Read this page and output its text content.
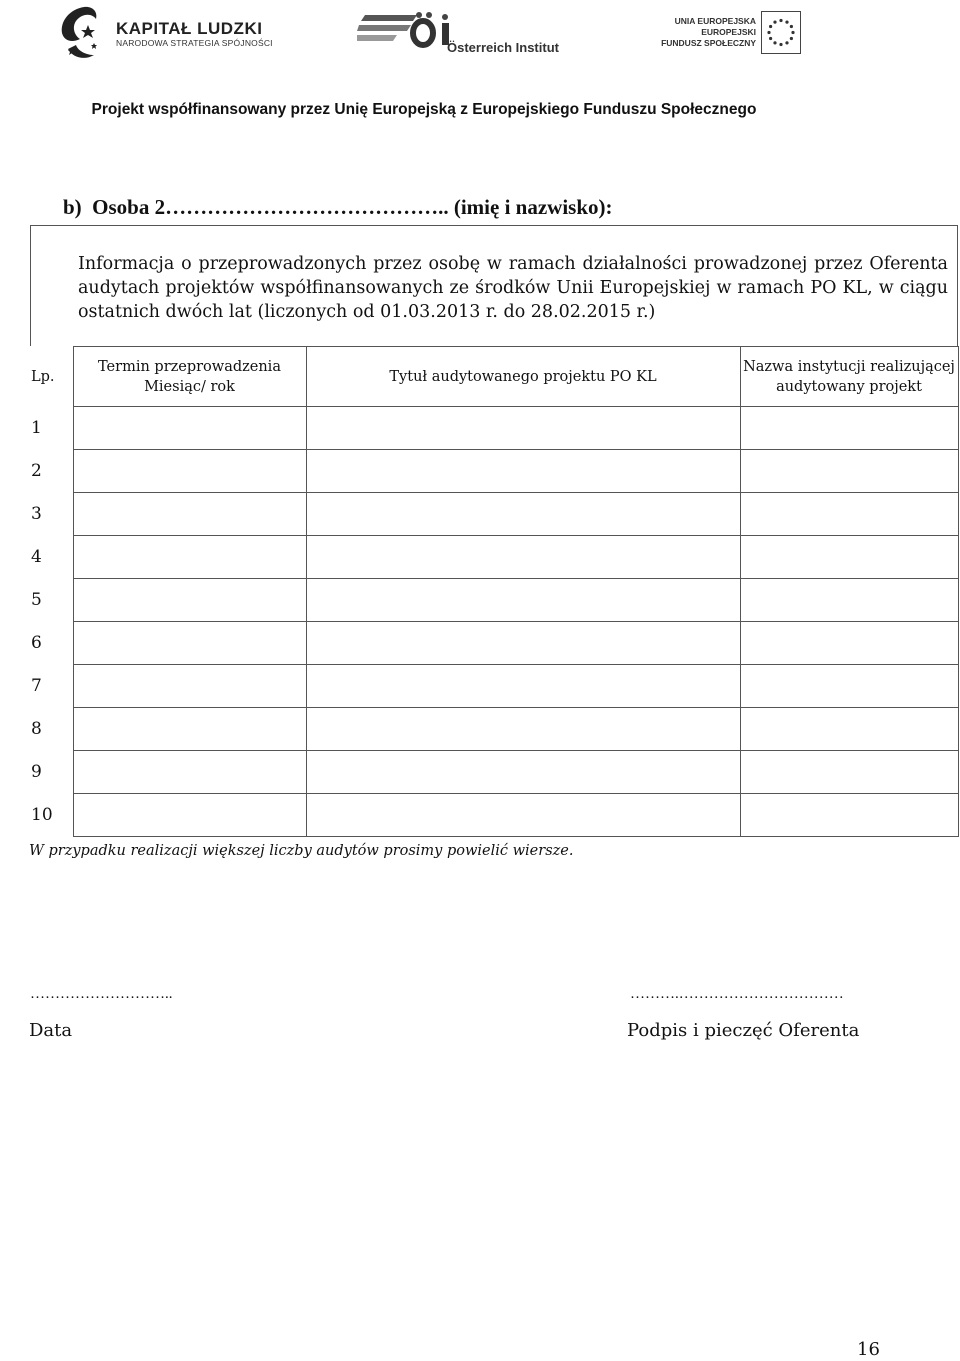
KAPITAŁ LUDZKI
NARODOWA STRATEGIA SPÓJNOŚCI	Österreich Institut
UNIA EUROPEJSKA
EUROPEJSKI
FUNDUSZ SPOŁECZNY
Projekt współfinansowany przez Unię Europejską z Europejskiego Funduszu Społecznego
b)  Osoba 2………………………………….. (imię i nazwisko):
Informacja o przeprowadzonych przez osobę w ramach działalności prowadzonej przez Oferenta audytach projektów współfinansowanych ze środków Unii Europejskiej w ramach PO KL, w ciągu ostatnich dwóch lat (liczonych od 01.03.2013 r. do 28.02.2015 r.)
Lp.	Termin przeprowadzenia Miesiąc/ rok	Tytuł audytowanego projektu PO KL	Nazwa instytucji realizującej audytowany projekt
1			
2			
3			
4			
5			
6			
7			
8			
9			
10			
W przypadku realizacji większej liczby audytów prosimy powielić wiersze.
………………………..	……….……………………………
Data	Podpis i pieczęć Oferenta
16
